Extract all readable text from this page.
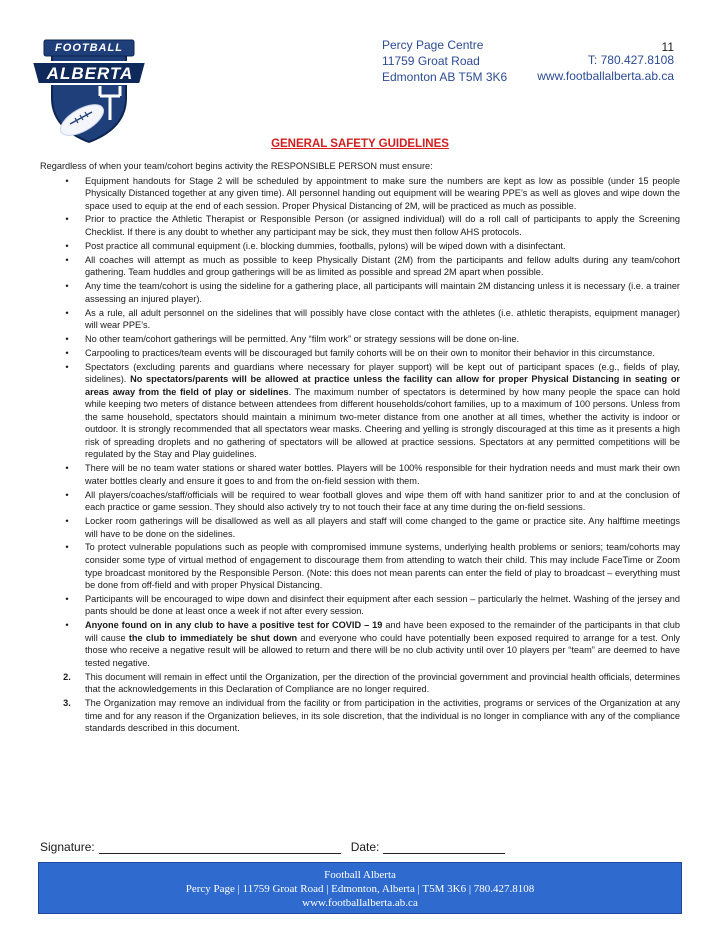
FOOTBALL
ALBERTA
Percy Page Centre
11759 Groat Road
Edmonton AB T5M 3K6
11
T: 780.427.8108
www.footballalberta.ab.ca
GENERAL SAFETY GUIDELINES

Regardless of when your team/cohort begins activity the RESPONSIBLE PERSON must ensure:

•	Equipment handouts for Stage 2 will be scheduled by appointment to make sure the numbers are kept as low as possible (under 15 people Physically Distanced together at any given time). All personnel handing out equipment will be wearing PPE’s as well as gloves and wipe down the space used to equip at the end of each session. Proper Physical Distancing of 2M, will be practiced as much as possible.
•	Prior to practice the Athletic Therapist or Responsible Person (or assigned individual) will do a roll call of participants to apply the Screening Checklist. If there is any doubt to whether any participant may be sick, they must then follow AHS protocols.
•	Post practice all communal equipment (i.e. blocking dummies, footballs, pylons) will be wiped down with a disinfectant.
•	All coaches will attempt as much as possible to keep Physically Distant (2M) from the participants and fellow adults during any team/cohort gathering. Team huddles and group gatherings will be as limited as possible and spread 2M apart when possible.
•	Any time the team/cohort is using the sideline for a gathering place, all participants will maintain 2M distancing unless it is necessary (i.e. a trainer assessing an injured player).
•	As a rule, all adult personnel on the sidelines that will possibly have close contact with the athletes (i.e. athletic therapists, equipment manager) will wear PPE’s.
•	No other team/cohort gatherings will be permitted. Any “film work” or strategy sessions will be done on-line.
•	Carpooling to practices/team events will be discouraged but family cohorts will be on their own to monitor their behavior in this circumstance.
•	Spectators (excluding parents and guardians where necessary for player support) will be kept out of participant spaces (e.g., fields of play, sidelines). No spectators/parents will be allowed at practice unless the facility can allow for proper Physical Distancing in seating or areas away from the field of play or sidelines. The maximum number of spectators is determined by how many people the space can hold while keeping two meters of distance between attendees from different households/cohort families, up to a maximum of 100 persons. Unless from the same household, spectators should maintain a minimum two-meter distance from one another at all times, whether the activity is indoor or outdoor. It is strongly recommended that all spectators wear masks. Cheering and yelling is strongly discouraged at this time as it presents a high risk of spreading droplets and no gathering of spectators will be allowed at practice sessions. Spectators at any permitted competitions will be regulated by the Stay and Play guidelines.
•	There will be no team water stations or shared water bottles. Players will be 100% responsible for their hydration needs and must mark their own water bottles clearly and ensure it goes to and from the on-field session with them.
•	All players/coaches/staff/officials will be required to wear football gloves and wipe them off with hand sanitizer prior to and at the conclusion of each practice or game session. They should also actively try to not touch their face at any time during the on-field sessions.
•	Locker room gatherings will be disallowed as well as all players and staff will come changed to the game or practice site. Any halftime meetings will have to be done on the sidelines.
•	To protect vulnerable populations such as people with compromised immune systems, underlying health problems or seniors; team/cohorts may consider some type of virtual method of engagement to discourage them from attending to watch their child. This may include FaceTime or Zoom type broadcast monitored by the Responsible Person. (Note: this does not mean parents can enter the field of play to broadcast – everything must be done from off-field and with proper Physical Distancing.
•	Participants will be encouraged to wipe down and disinfect their equipment after each session – particularly the helmet. Washing of the jersey and pants should be done at least once a week if not after every session.
•	Anyone found on in any club to have a positive test for COVID – 19 and have been exposed to the remainder of the participants in that club will cause the club to immediately be shut down and everyone who could have potentially been exposed required to arrange for a test. Only those who receive a negative result will be allowed to return and there will be no club activity until over 10 players per “team” are deemed to have tested negative.
2.	This document will remain in effect until the Organization, per the direction of the provincial government and provincial health officials, determines that the acknowledgements in this Declaration of Compliance are no longer required.
3.	The Organization may remove an individual from the facility or from participation in the activities, programs or services of the Organization at any time and for any reason if the Organization believes, in its sole discretion, that the individual is no longer in compliance with any of the compliance standards described in this document.
Signature:	Date:
Football Alberta
Percy Page | 11759 Groat Road | Edmonton, Alberta | T5M 3K6 | 780.427.8108
www.footballalberta.ab.ca
